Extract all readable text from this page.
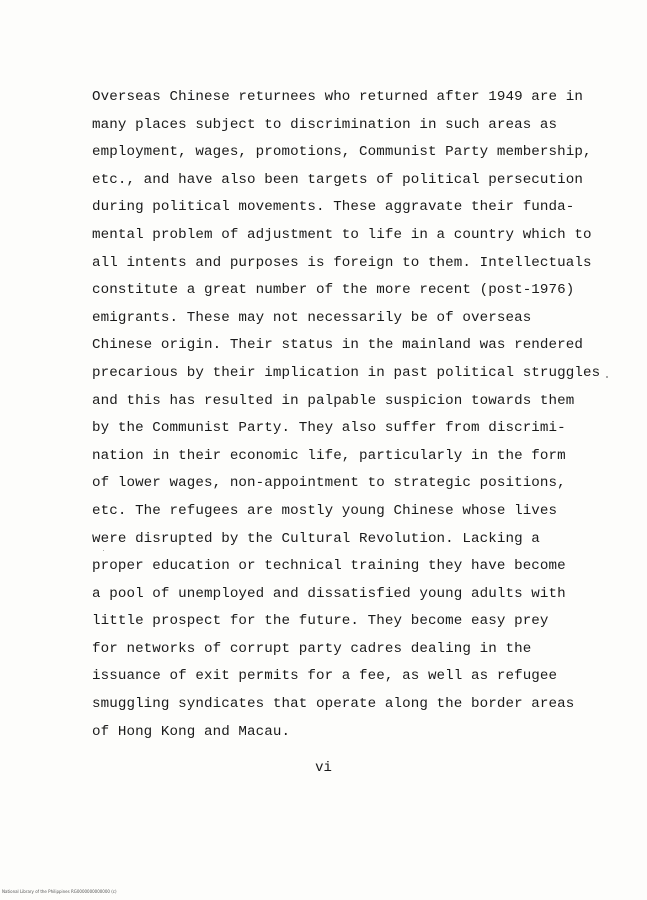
Overseas Chinese returnees who returned after 1949 are in
many places subject to discrimination in such areas as
employment, wages, promotions, Communist Party membership,
etc., and have also been targets of political persecution
during political movements. These aggravate their funda-
mental problem of adjustment to life in a country which to
all intents and purposes is foreign to them. Intellectuals
constitute a great number of the more recent (post-1976)
emigrants. These may not necessarily be of overseas
Chinese origin. Their status in the mainland was rendered
precarious by their implication in past political struggles
and this has resulted in palpable suspicion towards them
by the Communist Party. They also suffer from discrimi-
nation in their economic life, particularly in the form
of lower wages, non-appointment to strategic positions,
etc. The refugees are mostly young Chinese whose lives
were disrupted by the Cultural Revolution. Lacking a
proper education or technical training they have become
a pool of unemployed and dissatisfied young adults with
little prospect for the future. They become easy prey
for networks of corrupt party cadres dealing in the
issuance of exit permits for a fee, as well as refugee
smuggling syndicates that operate along the border areas
of Hong Kong and Macau.
vi
National Library of the Philippines RG0000000000000 (c)
